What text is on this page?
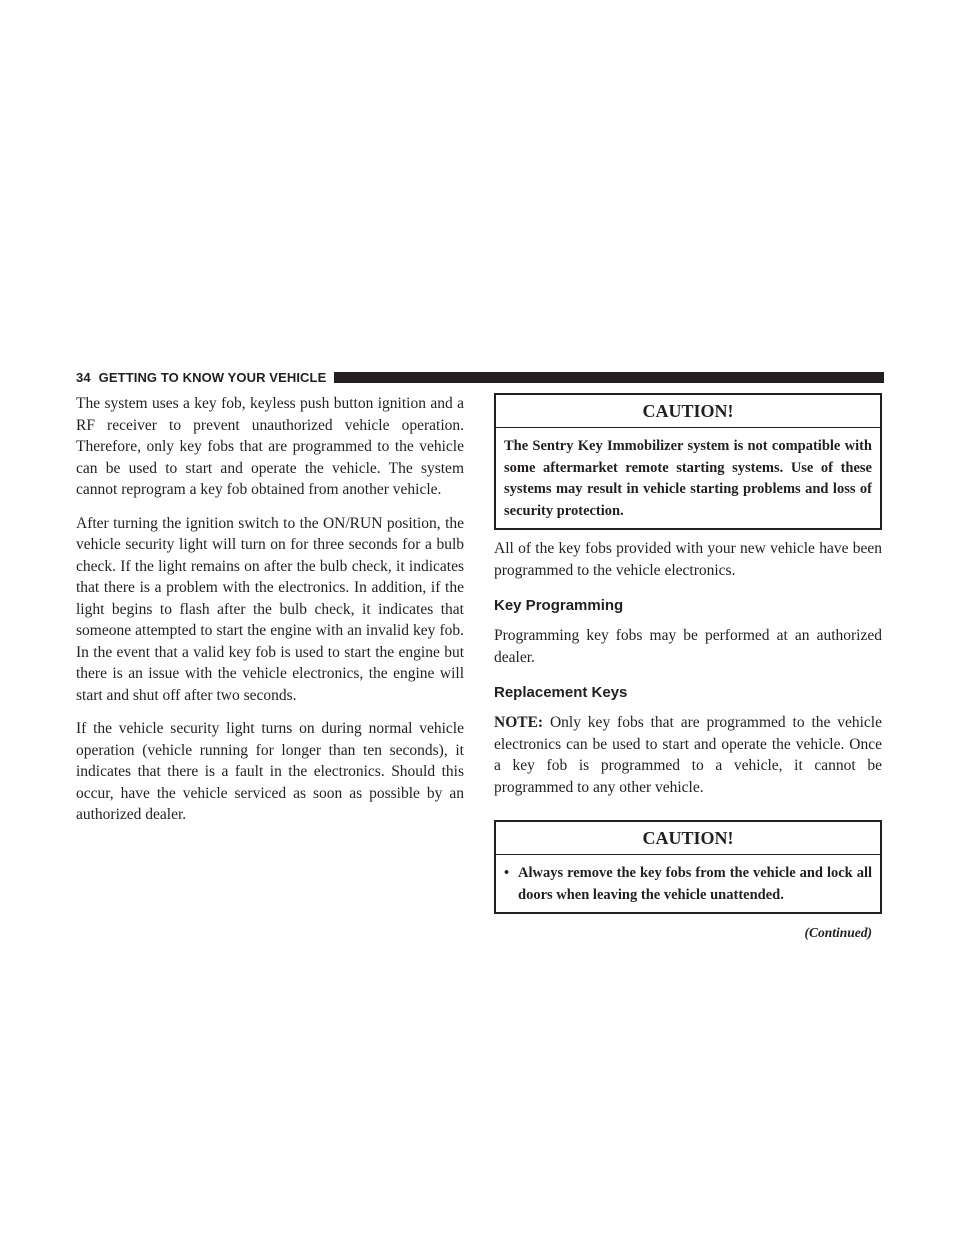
34 GETTING TO KNOW YOUR VEHICLE

The system uses a key fob, keyless push button ignition and a RF receiver to prevent unauthorized vehicle operation. Therefore, only key fobs that are programmed to the vehicle can be used to start and operate the vehicle. The system cannot reprogram a key fob obtained from another vehicle.

After turning the ignition switch to the ON/RUN position, the vehicle security light will turn on for three seconds for a bulb check. If the light remains on after the bulb check, it indicates that there is a problem with the electronics. In addition, if the light begins to flash after the bulb check, it indicates that someone attempted to start the engine with an invalid key fob. In the event that a valid key fob is used to start the engine but there is an issue with the vehicle electronics, the engine will start and shut off after two seconds.

If the vehicle security light turns on during normal vehicle operation (vehicle running for longer than ten seconds), it indicates that there is a fault in the electronics. Should this occur, have the vehicle serviced as soon as possible by an authorized dealer.

CAUTION!
The Sentry Key Immobilizer system is not compatible with some aftermarket remote starting systems. Use of these systems may result in vehicle starting problems and loss of security protection.

All of the key fobs provided with your new vehicle have been programmed to the vehicle electronics.

Key Programming

Programming key fobs may be performed at an authorized dealer.

Replacement Keys

NOTE: Only key fobs that are programmed to the vehicle electronics can be used to start and operate the vehicle. Once a key fob is programmed to a vehicle, it cannot be programmed to any other vehicle.

CAUTION!
• Always remove the key fobs from the vehicle and lock all doors when leaving the vehicle unattended.
(Continued)
